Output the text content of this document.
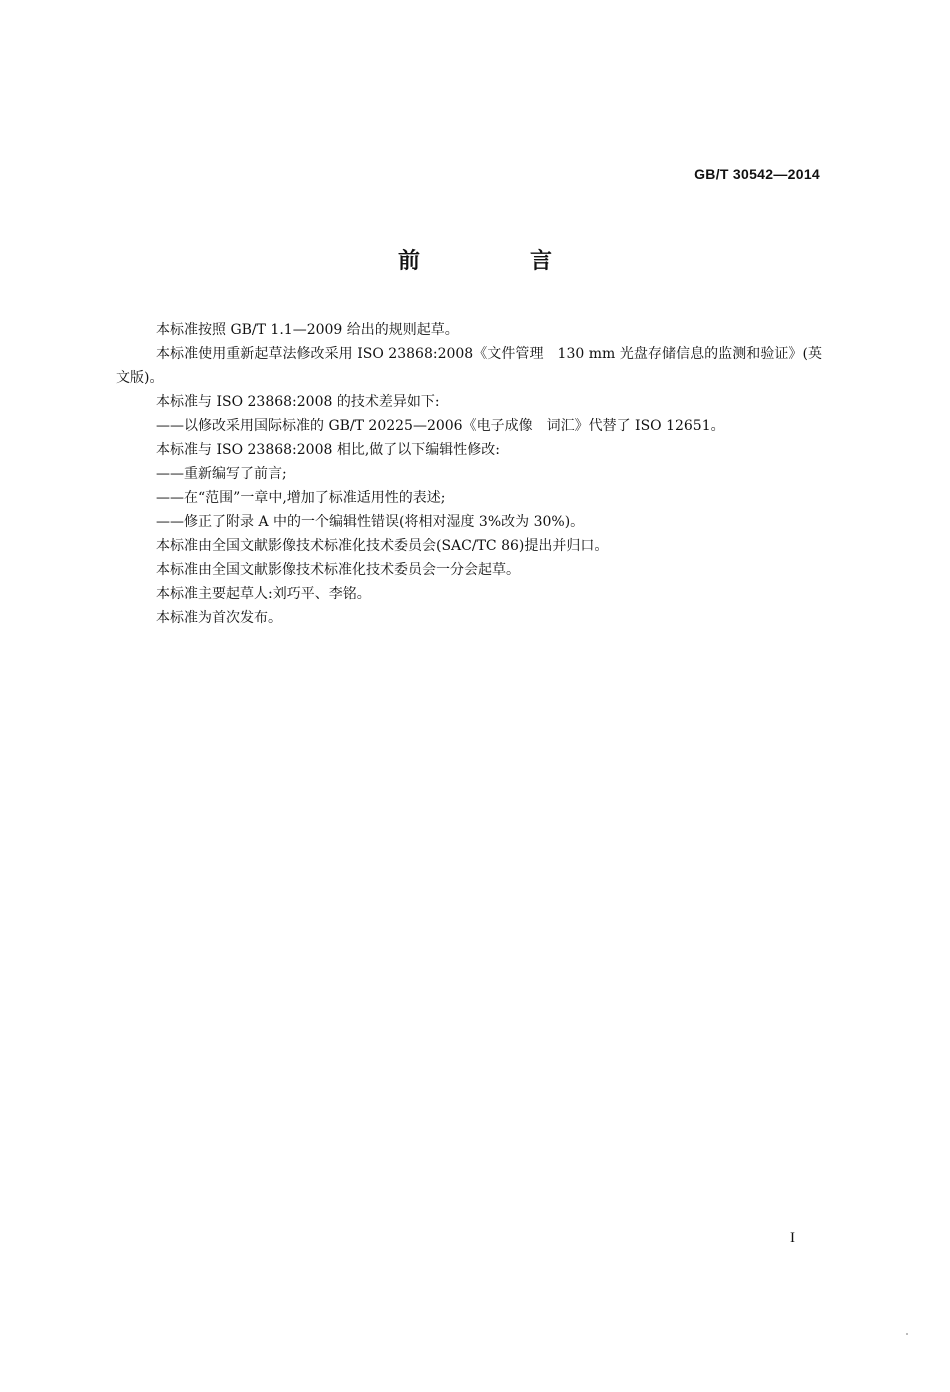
GB/T 30542—2014
前　言

本标准按照 GB/T 1.1—2009 给出的规则起草。

本标准使用重新起草法修改采用 ISO 23868:2008《文件管理　130 mm 光盘存储信息的监测和验证》(英文版)。

本标准与 ISO 23868:2008 的技术差异如下:

——以修改采用国际标准的 GB/T 20225—2006《电子成像　词汇》代替了 ISO 12651。

本标准与 ISO 23868:2008 相比,做了以下编辑性修改:

——重新编写了前言;

——在“范围”一章中,增加了标准适用性的表述;

——修正了附录 A 中的一个编辑性错误(将相对湿度 3%改为 30%)。

本标准由全国文献影像技术标准化技术委员会(SAC/TC 86)提出并归口。

本标准由全国文献影像技术标准化技术委员会一分会起草。

本标准主要起草人:刘巧平、李铭。

本标准为首次发布。

I
